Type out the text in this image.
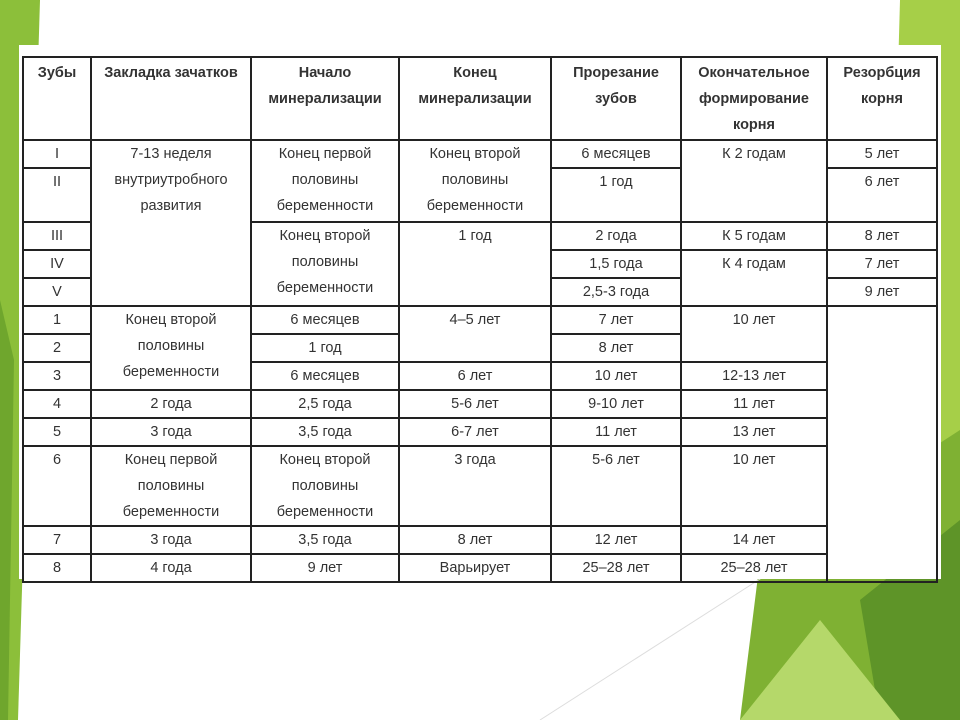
Зубы	Закладка зачатков	Начало минерализации	Конец минерализации	Прорезание зубов	Окончательное формирование корня	Резорбция корня
I	7-13 неделя внутриутробного развития	Конец первой половины беременности	Конец второй половины беременности	6 месяцев	К 2 годам	5 лет
II				1 год		6 лет

III		Конец второй половины беременности	1 год	2 года	К 5 годам	8 лет
IV				1,5 года	К 4 годам	7 лет
V				2,5-3 года		9 лет
1	Конец второй половины беременности	6 месяцев	4–5 лет	7 лет	10 лет	
2		1 год		8 лет		
3		6 месяцев	6 лет	10 лет	12-13 лет	
4	2 года	2,5 года	5-6 лет	9-10 лет	11 лет	
5	3 года	3,5 года	6-7 лет	11 лет	13 лет	
6	Конец первой половины беременности	Конец второй половины беременности	3 года	5-6 лет	10 лет	
7	3 года	3,5 года	8 лет	12 лет	14 лет	
8	4 года	9 лет	Варьирует	25–28 лет	25–28 лет	
